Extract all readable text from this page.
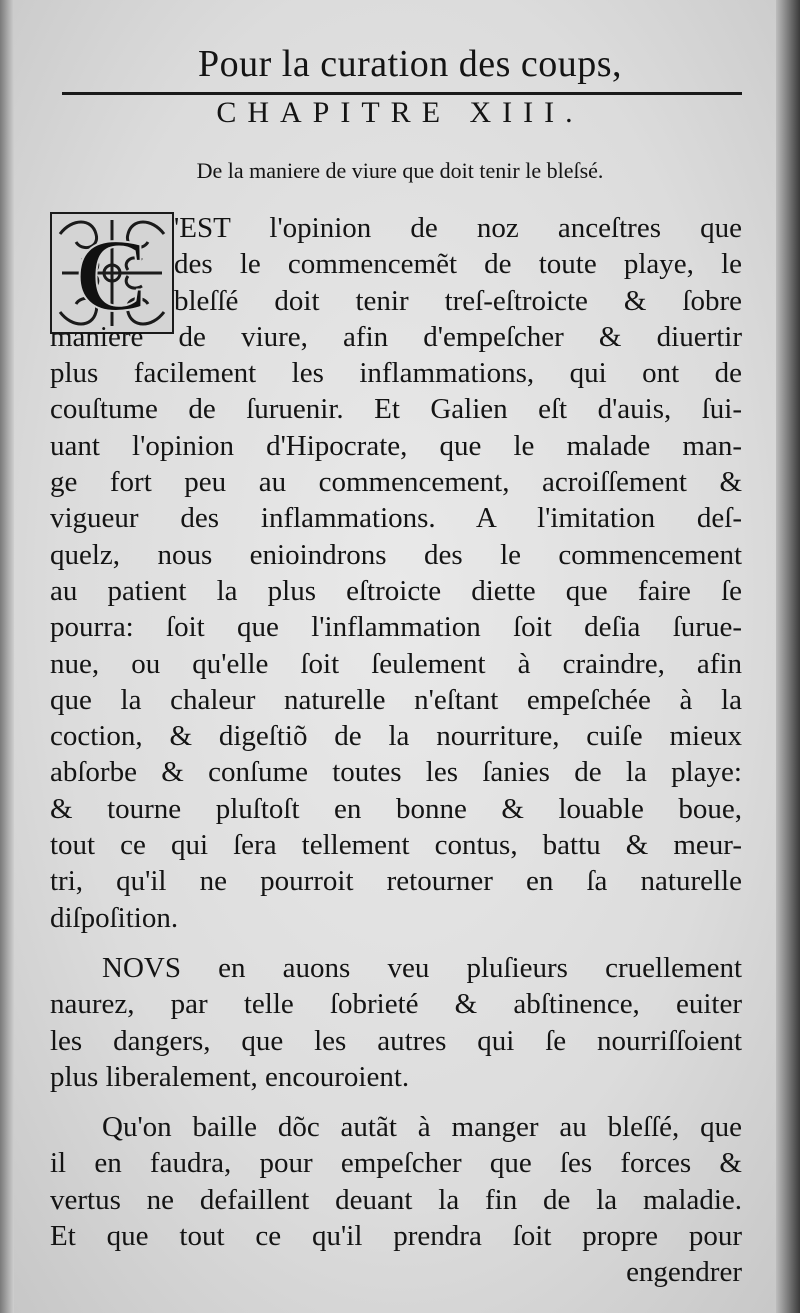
Pour la curation des coups,
CHAPITRE XIII.
De la maniere de viure que doit tenir le bleſsé.
C 'EST l'opinion de noz anceſtres que
des le commencemẽt de toute playe, le
bleſſé doit tenir treſ-eſtroicte & ſobre
maniere de viure, afin d'empeſcher & diuertir
plus facilement les inflammations, qui ont de
couſtume de ſuruenir. Et Galien eſt d'auis, ſui-
uant l'opinion d'Hipocrate, que le malade man-
ge fort peu au commencement, acroiſſement &
vigueur des inflammations. A l'imitation deſ-
quelz, nous enioindrons des le commencement
au patient la plus eſtroicte diette que faire ſe
pourra: ſoit que l'inflammation ſoit deſia ſurue-
nue, ou qu'elle ſoit ſeulement à craindre, afin
que la chaleur naturelle n'eſtant empeſchée à la
coction, & digeſtiõ de la nourriture, cuiſe mieux
abſorbe & conſume toutes les ſanies de la playe:
& tourne pluſtoſt en bonne & louable boue,
tout ce qui ſera tellement contus, battu & meur-
tri, qu'il ne pourroit retourner en ſa naturelle
diſpoſition.
NOVS en auons veu pluſieurs cruellement
naurez, par telle ſobrieté & abſtinence, euiter
les dangers, que les autres qui ſe nourriſſoient
plus liberalement, encouroient.
Qu'on baille dõc autãt à manger au bleſſé, que
il en faudra, pour empeſcher que ſes forces &
vertus ne defaillent deuant la fin de la maladie.
Et que tout ce qu'il prendra ſoit propre pour
engendrer
